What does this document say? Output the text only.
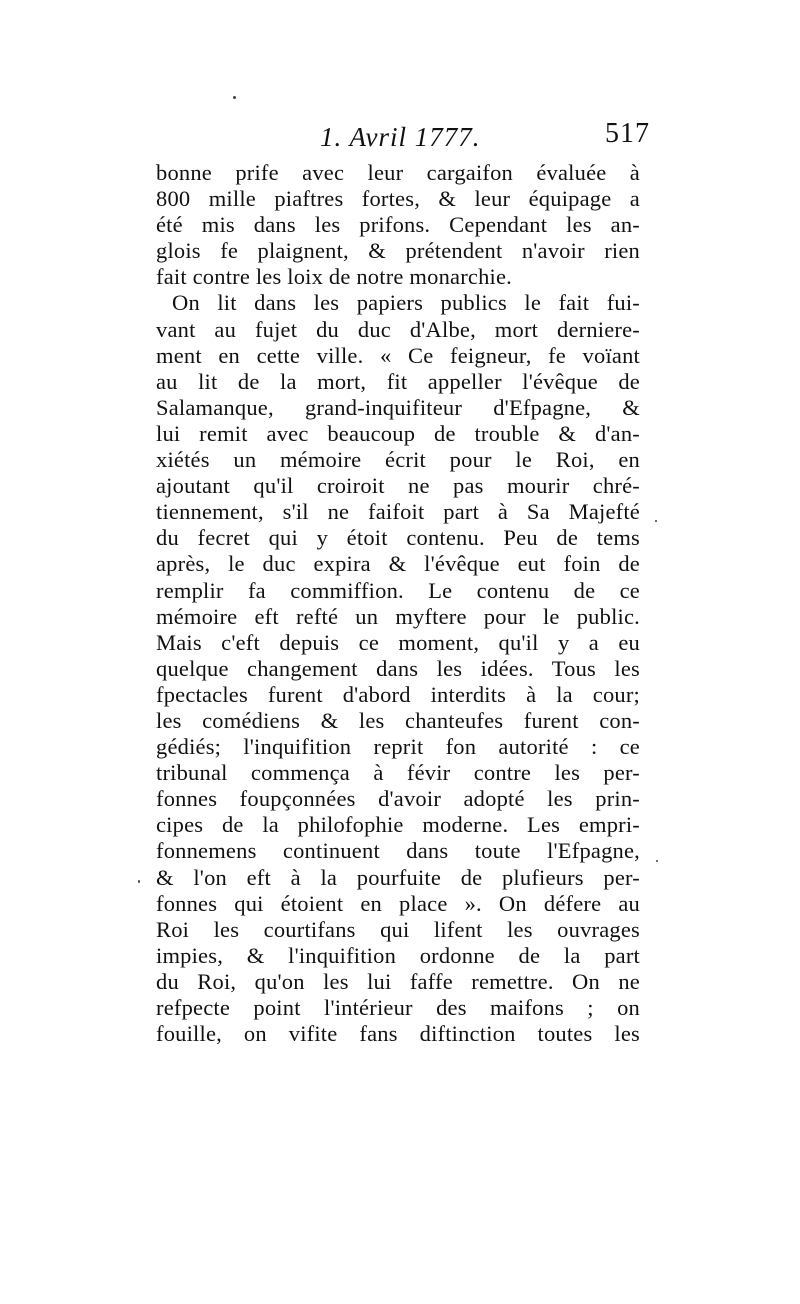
1. Avril 1777.	517
bonne prife avec leur cargaifon évaluée à
800 mille piaftres fortes, & leur équipage a
été mis dans les prifons. Cependant les an-
glois fe plaignent, & prétendent n'avoir rien
fait contre les loix de notre monarchie.
On lit dans les papiers publics le fait fui-
vant au fujet du duc d'Albe, mort derniere-
ment en cette ville. « Ce feigneur, fe voïant
au lit de la mort, fit appeller l'évêque de
Salamanque, grand-inquifiteur d'Efpagne, &
lui remit avec beaucoup de trouble & d'an-
xiétés un mémoire écrit pour le Roi, en
ajoutant qu'il croiroit ne pas mourir chré-
tiennement, s'il ne faifoit part à Sa Majefté
du fecret qui y étoit contenu. Peu de tems
après, le duc expira & l'évêque eut foin de
remplir fa commiffion. Le contenu de ce
mémoire eft refté un myftere pour le public.
Mais c'eft depuis ce moment, qu'il y a eu
quelque changement dans les idées. Tous les
fpectacles furent d'abord interdits à la cour;
les comédiens & les chanteufes furent con-
gédiés; l'inquifition reprit fon autorité : ce
tribunal commença à févir contre les per-
fonnes foupçonnées d'avoir adopté les prin-
cipes de la philofophie moderne. Les empri-
fonnemens continuent dans toute l'Efpagne,
& l'on eft à la pourfuite de plufieurs per-
fonnes qui étoient en place ». On défere au
Roi les courtifans qui lifent les ouvrages
impies, & l'inquifition ordonne de la part
du Roi, qu'on les lui faffe remettre. On ne
refpecte point l'intérieur des maifons ; on
fouille, on vifite fans diftinction toutes les
